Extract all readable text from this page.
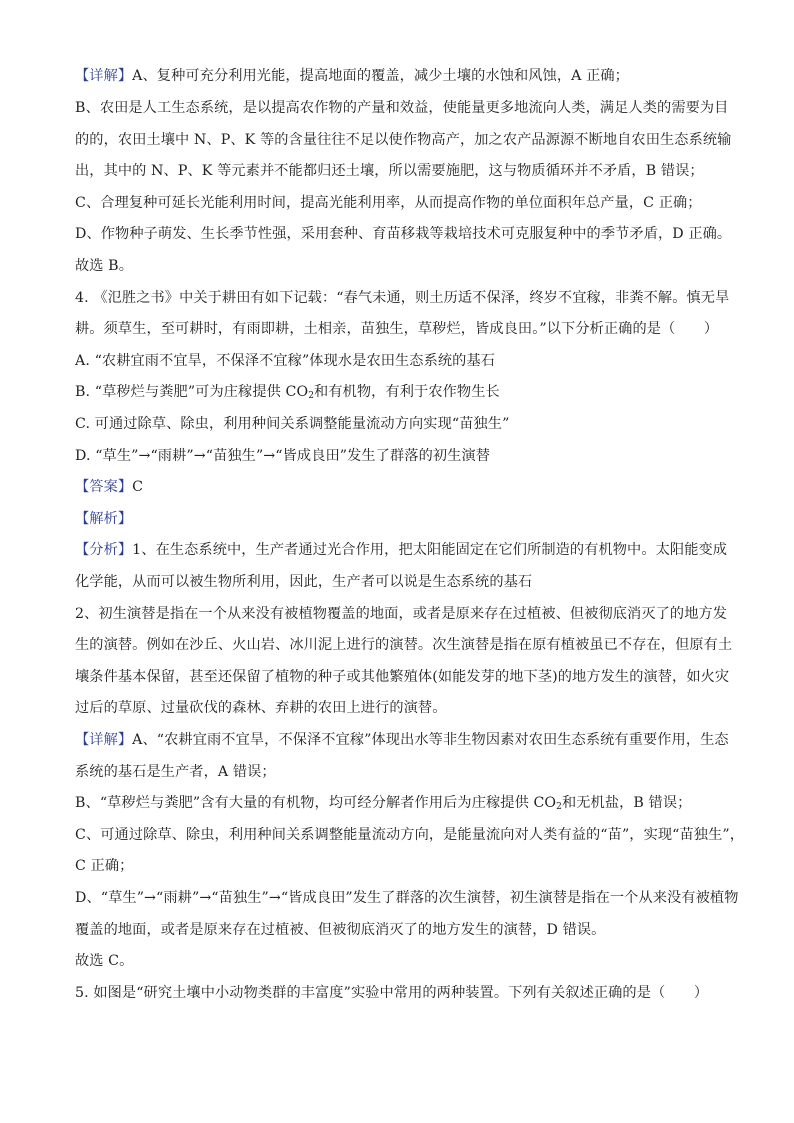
【详解】A、复种可充分利用光能，提高地面的覆盖，减少土壤的水蚀和风蚀，A 正确；
B、农田是人工生态系统，是以提高农作物的产量和效益，使能量更多地流向人类，满足人类的需要为目
的的，农田土壤中 N、P、K 等的含量往往不足以使作物高产，加之农产品源源不断地自农田生态系统输
出，其中的 N、P、K 等元素并不能都归还土壤，所以需要施肥，这与物质循环并不矛盾，B 错误；
C、合理复种可延长光能利用时间，提高光能利用率，从而提高作物的单位面积年总产量，C 正确；
D、作物种子萌发、生长季节性强，采用套种、育苗移栽等栽培技术可克服复种中的季节矛盾，D 正确。
故选 B。
4. 《氾胜之书》中关于耕田有如下记载：“春气未通，则土历适不保泽，终岁不宜稼，非粪不解。慎无旱
耕。须草生，至可耕时，有雨即耕，土相亲，苗独生，草秽烂，皆成良田。”以下分析正确的是（　　）
A. “农耕宜雨不宜旱，不保泽不宜稼”体现水是农田生态系统的基石
B. “草秽烂与粪肥”可为庄稼提供 $CO_2$和有机物，有利于农作物生长
C. 可通过除草、除虫，利用种间关系调整能量流动方向实现“苗独生”
D. “草生”→“雨耕”→“苗独生”→“皆成良田”发生了群落的初生演替
【答案】C
【解析】
【分析】1、在生态系统中，生产者通过光合作用，把太阳能固定在它们所制造的有机物中。太阳能变成
化学能，从而可以被生物所利用，因此，生产者可以说是生态系统的基石
2、初生演替是指在一个从来没有被植物覆盖的地面，或者是原来存在过植被、但被彻底消灭了的地方发
生的演替。例如在沙丘、火山岩、冰川泥上进行的演替。次生演替是指在原有植被虽已不存在，但原有土
壤条件基本保留，甚至还保留了植物的种子或其他繁殖体(如能发芽的地下茎)的地方发生的演替，如火灾
过后的草原、过量砍伐的森林、弃耕的农田上进行的演替。
【详解】A、“农耕宜雨不宜旱，不保泽不宜稼”体现出水等非生物因素对农田生态系统有重要作用，生态
系统的基石是生产者，A 错误；
B、“草秽烂与粪肥”含有大量的有机物，均可经分解者作用后为庄稼提供 $CO_2$和无机盐，B 错误；
C、可通过除草、除虫，利用种间关系调整能量流动方向，是能量流向对人类有益的“苗”，实现“苗独生”，
C 正确；
D、“草生”→“雨耕”→“苗独生”→“皆成良田”发生了群落的次生演替，初生演替是指在一个从来没有被植物
覆盖的地面，或者是原来存在过植被、但被彻底消灭了的地方发生的演替，D 错误。
故选 C。
5. 如图是“研究土壤中小动物类群的丰富度”实验中常用的两种装置。下列有关叙述正确的是（　　）
